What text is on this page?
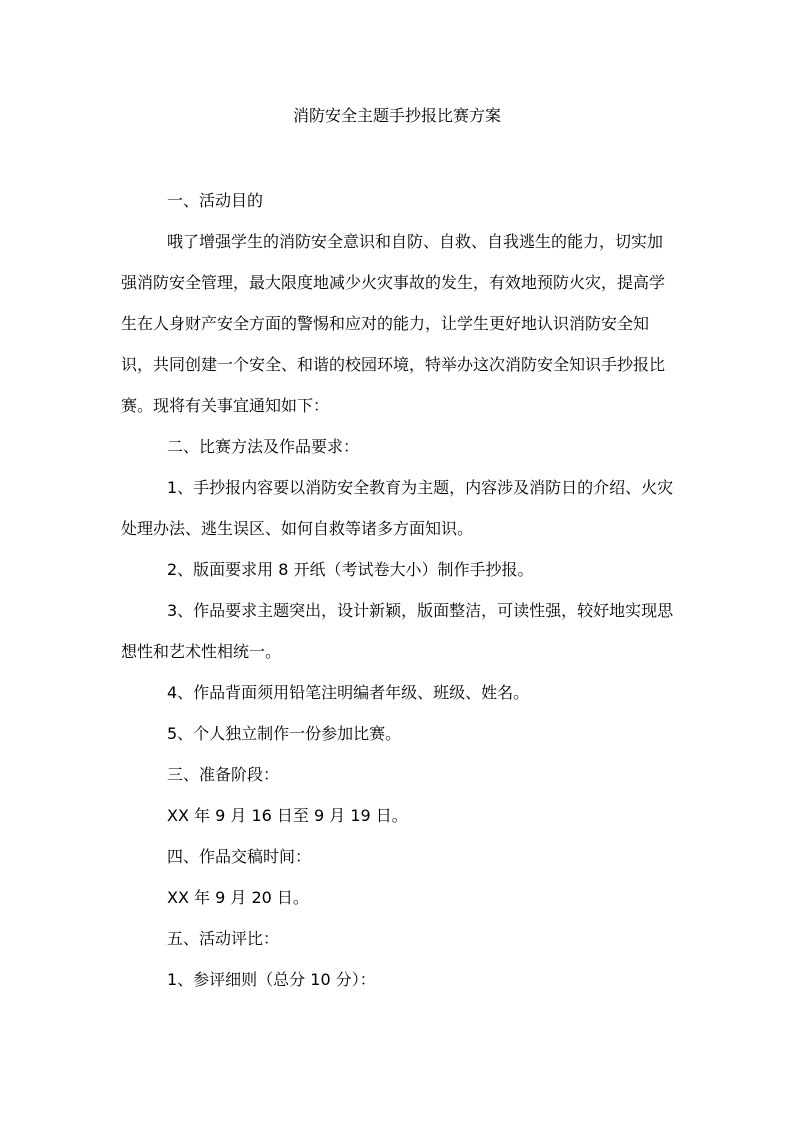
消防安全主题手抄报比赛方案

一、活动目的

哦了增强学生的消防安全意识和自防、自救、自我逃生的能力，切实加强消防安全管理，最大限度地减少火灾事故的发生，有效地预防火灾，提高学生在人身财产安全方面的警惕和应对的能力，让学生更好地认识消防安全知识，共同创建一个安全、和谐的校园环境，特举办这次消防安全知识手抄报比赛。现将有关事宜通知如下：

二、比赛方法及作品要求：

1、手抄报内容要以消防安全教育为主题，内容涉及消防日的介绍、火灾处理办法、逃生误区、如何自救等诸多方面知识。

2、版面要求用 8 开纸（考试卷大小）制作手抄报。

3、作品要求主题突出，设计新颖，版面整洁，可读性强，较好地实现思想性和艺术性相统一。

4、作品背面须用铅笔注明编者年级、班级、姓名。

5、个人独立制作一份参加比赛。

三、准备阶段：

XX 年 9 月 16 日至 9 月 19 日。

四、作品交稿时间：

XX 年 9 月 20 日。

五、活动评比：

1、参评细则（总分 10 分）：
